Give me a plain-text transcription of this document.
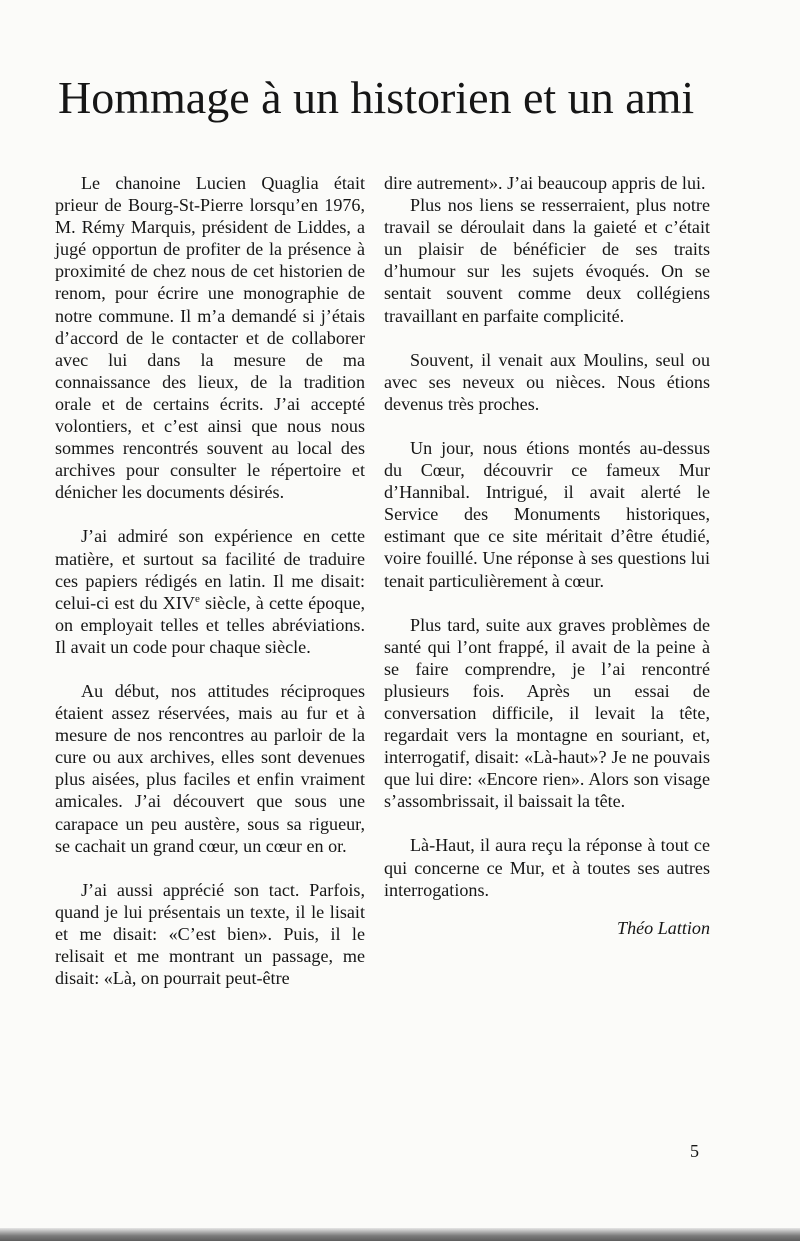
Hommage à un historien et un ami

Le chanoine Lucien Quaglia était prieur de Bourg-St-Pierre lorsqu’en 1976, M. Rémy Marquis, président de Liddes, a jugé opportun de profiter de la présence à proximité de chez nous de cet historien de renom, pour écrire une monographie de notre commune. Il m’a demandé si j’étais d’accord de le contacter et de collaborer avec lui dans la mesure de ma connaissance des lieux, de la tradition orale et de certains écrits. J’ai accepté volontiers, et c’est ainsi que nous nous sommes rencontrés souvent au local des archives pour consulter le répertoire et dénicher les documents désirés.

J’ai admiré son expérience en cette matière, et surtout sa facilité de traduire ces papiers rédigés en latin. Il me disait: celui-ci est du XIVe siècle, à cette époque, on employait telles et telles abréviations. Il avait un code pour chaque siècle.

Au début, nos attitudes réciproques étaient assez réservées, mais au fur et à mesure de nos rencontres au parloir de la cure ou aux archives, elles sont devenues plus aisées, plus faciles et enfin vraiment amicales. J’ai découvert que sous une carapace un peu austère, sous sa rigueur, se cachait un grand cœur, un cœur en or.

J’ai aussi apprécié son tact. Parfois, quand je lui présentais un texte, il le lisait et me disait: «C’est bien». Puis, il le relisait et me montrant un passage, me disait: «Là, on pourrait peut-être

dire autrement». J’ai beaucoup appris de lui.

Plus nos liens se resserraient, plus notre travail se déroulait dans la gaieté et c’était un plaisir de bénéficier de ses traits d’humour sur les sujets évoqués. On se sentait souvent comme deux collégiens travaillant en parfaite complicité.

Souvent, il venait aux Moulins, seul ou avec ses neveux ou nièces. Nous étions devenus très proches.

Un jour, nous étions montés au-dessus du Cœur, découvrir ce fameux Mur d’Hannibal. Intrigué, il avait alerté le Service des Monuments historiques, estimant que ce site méritait d’être étudié, voire fouillé. Une réponse à ses questions lui tenait particulièrement à cœur.

Plus tard, suite aux graves problèmes de santé qui l’ont frappé, il avait de la peine à se faire comprendre, je l’ai rencontré plusieurs fois. Après un essai de conversation difficile, il levait la tête, regardait vers la montagne en souriant, et, interrogatif, disait: «Là-haut»? Je ne pouvais que lui dire: «Encore rien». Alors son visage s’assombrissait, il baissait la tête.

Là-Haut, il aura reçu la réponse à tout ce qui concerne ce Mur, et à toutes ses autres interrogations.

Théo Lattion

5
